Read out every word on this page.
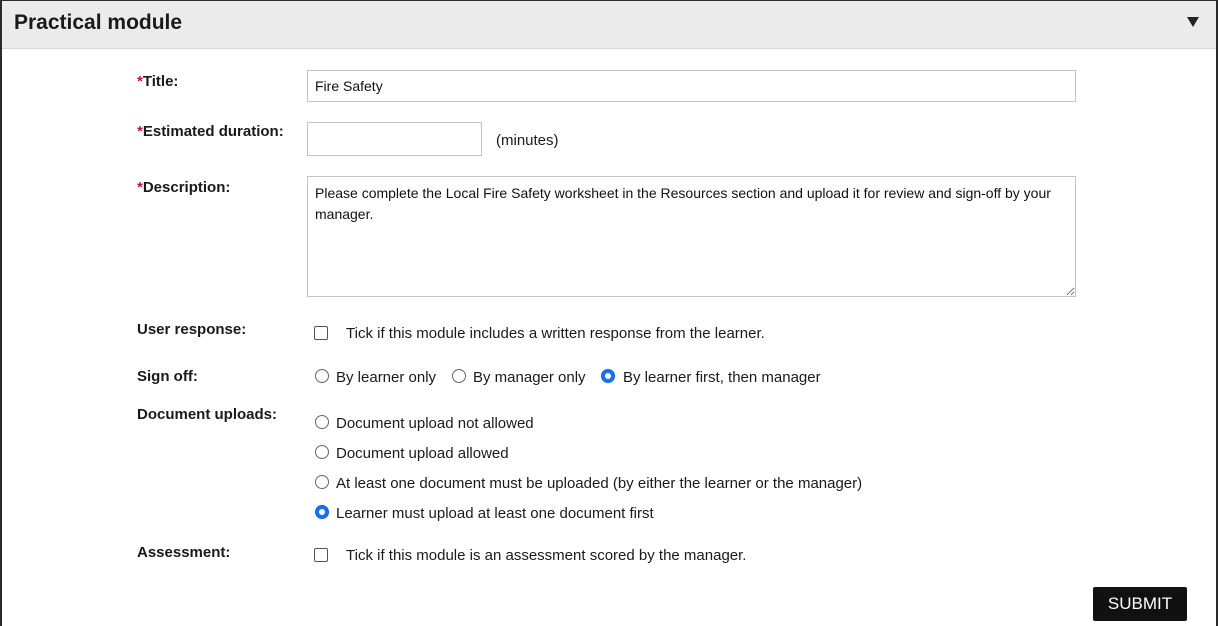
Practical module
*Title:
Fire Safety
*Estimated duration:
(minutes)
*Description:
Please complete the Local Fire Safety worksheet in the Resources section and upload it for review and sign-off by your manager.
User response:	Tick if this module includes a written response from the learner.
Sign off:	By learner only By manager only By learner first, then manager
Document uploads:
Document upload not allowed
Document upload allowed
At least one document must be uploaded (by either the learner or the manager)
Learner must upload at least one document first
Assessment:	Tick if this module is an assessment scored by the manager.
SUBMIT
